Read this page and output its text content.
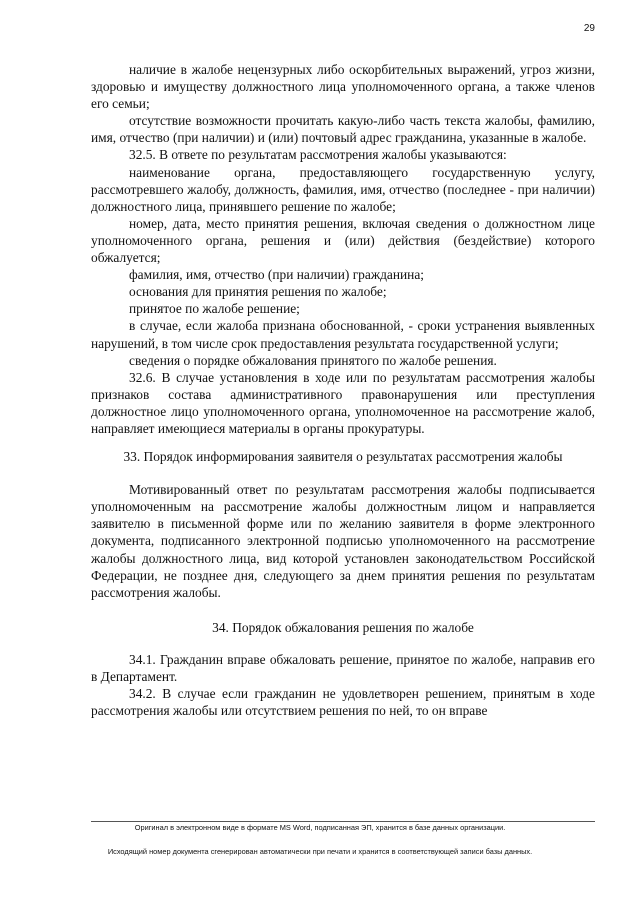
29

наличие в жалобе нецензурных либо оскорбительных выражений, угроз жизни, здоровью и имуществу должностного лица уполномоченного органа, а также членов его семьи;

отсутствие возможности прочитать какую-либо часть текста жалобы, фамилию, имя, отчество (при наличии) и (или) почтовый адрес гражданина, указанные в жалобе.

32.5. В ответе по результатам рассмотрения жалобы указываются:

наименование органа, предоставляющего государственную услугу, рассмотревшего жалобу, должность, фамилия, имя, отчество (последнее - при наличии) должностного лица, принявшего решение по жалобе;

номер, дата, место принятия решения, включая сведения о должностном лице уполномоченного органа, решения и (или) действия (бездействие) которого обжалуется;

фамилия, имя, отчество (при наличии) гражданина;

основания для принятия решения по жалобе;

принятое по жалобе решение;

в случае, если жалоба признана обоснованной, - сроки устранения выявленных нарушений, в том числе срок предоставления результата государственной услуги;

сведения о порядке обжалования принятого по жалобе решения.

32.6. В случае установления в ходе или по результатам рассмотрения жалобы признаков состава административного правонарушения или преступления должностное лицо уполномоченного органа, уполномоченное на рассмотрение жалоб, направляет имеющиеся материалы в органы прокуратуры.

33. Порядок информирования заявителя о результатах рассмотрения жалобы

Мотивированный ответ по результатам рассмотрения жалобы подписывается уполномоченным на рассмотрение жалобы должностным лицом и направляется заявителю в письменной форме или по желанию заявителя в форме электронного документа, подписанного электронной подписью уполномоченного на рассмотрение жалобы должностного лица, вид которой установлен законодательством Российской Федерации, не позднее дня, следующего за днем принятия решения по результатам рассмотрения жалобы.

34. Порядок обжалования решения по жалобе

34.1. Гражданин вправе обжаловать решение, принятое по жалобе, направив его в Департамент.

34.2. В случае если гражданин не удовлетворен решением, принятым в ходе рассмотрения жалобы или отсутствием решения по ней, то он вправе

Оригинал в электронном виде в формате MS Word, подписанная ЭП, хранится в базе данных организации.
Исходящий номер документа сгенерирован автоматически при печати и хранится в соответствующей записи базы данных.
